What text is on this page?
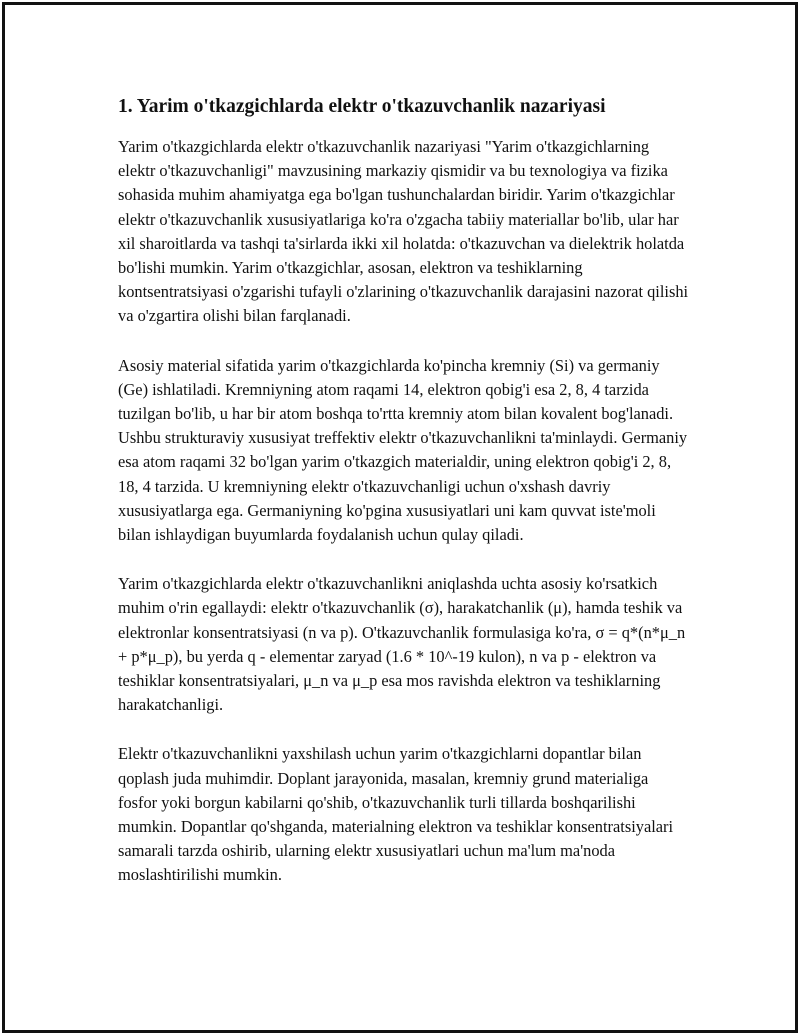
1. Yarim o'tkazgichlarda elektr o'tkazuvchanlik nazariyasi

Yarim o'tkazgichlarda elektr o'tkazuvchanlik nazariyasi "Yarim o'tkazgichlarning elektr o'tkazuvchanligi" mavzusining markaziy qismidir va bu texnologiya va fizika sohasida muhim ahamiyatga ega bo'lgan tushunchalardan biridir. Yarim o'tkazgichlar elektr o'tkazuvchanlik xususiyatlariga ko'ra o'zgacha tabiiy materiallar bo'lib, ular har xil sharoitlarda va tashqi ta'sirlarda ikki xil holatda: o'tkazuvchan va dielektrik holatda bo'lishi mumkin. Yarim o'tkazgichlar, asosan, elektron va teshiklarning kontsentratsiyasi o'zgarishi tufayli o'zlarining o'tkazuvchanlik darajasini nazorat qilishi va o'zgartira olishi bilan farqlanadi.

Asosiy material sifatida yarim o'tkazgichlarda ko'pincha kremniy (Si) va germaniy (Ge) ishlatiladi. Kremniyning atom raqami 14, elektron qobig'i esa 2, 8, 4 tarzida tuzilgan bo'lib, u har bir atom boshqa to'rtta kremniy atom bilan kovalent bog'lanadi. Ushbu strukturaviy xususiyat treffektiv elektr o'tkazuvchanlikni ta'minlaydi. Germaniy esa atom raqami 32 bo'lgan yarim o'tkazgich materialdir, uning elektron qobig'i 2, 8, 18, 4 tarzida. U kremniyning elektr o'tkazuvchanligi uchun o'xshash davriy xususiyatlarga ega. Germaniyning ko'pgina xususiyatlari uni kam quvvat iste'moli bilan ishlaydigan buyumlarda foydalanish uchun qulay qiladi.

Yarim o'tkazgichlarda elektr o'tkazuvchanlikni aniqlashda uchta asosiy ko'rsatkich muhim o'rin egallaydi: elektr o'tkazuvchanlik (σ), harakatchanlik (μ), hamda teshik va elektronlar konsentratsiyasi (n va p). O'tkazuvchanlik formulasiga ko'ra, σ = q*(n*μ_n + p*μ_p), bu yerda q - elementar zaryad (1.6 * 10^-19 kulon), n va p - elektron va teshiklar konsentratsiyalari, μ_n va μ_p esa mos ravishda elektron va teshiklarning harakatchanligi.

Elektr o'tkazuvchanlikni yaxshilash uchun yarim o'tkazgichlarni dopantlar bilan qoplash juda muhimdir. Doplant jarayonida, masalan, kremniy grund materialiga fosfor yoki borgun kabilarni qo'shib, o'tkazuvchanlik turli tillarda boshqarilishi mumkin. Dopantlar qo'shganda, materialning elektron va teshiklar konsentratsiyalari samarali tarzda oshirib, ularning elektr xususiyatlari uchun ma'lum ma'noda moslashtirilishi mumkin.
